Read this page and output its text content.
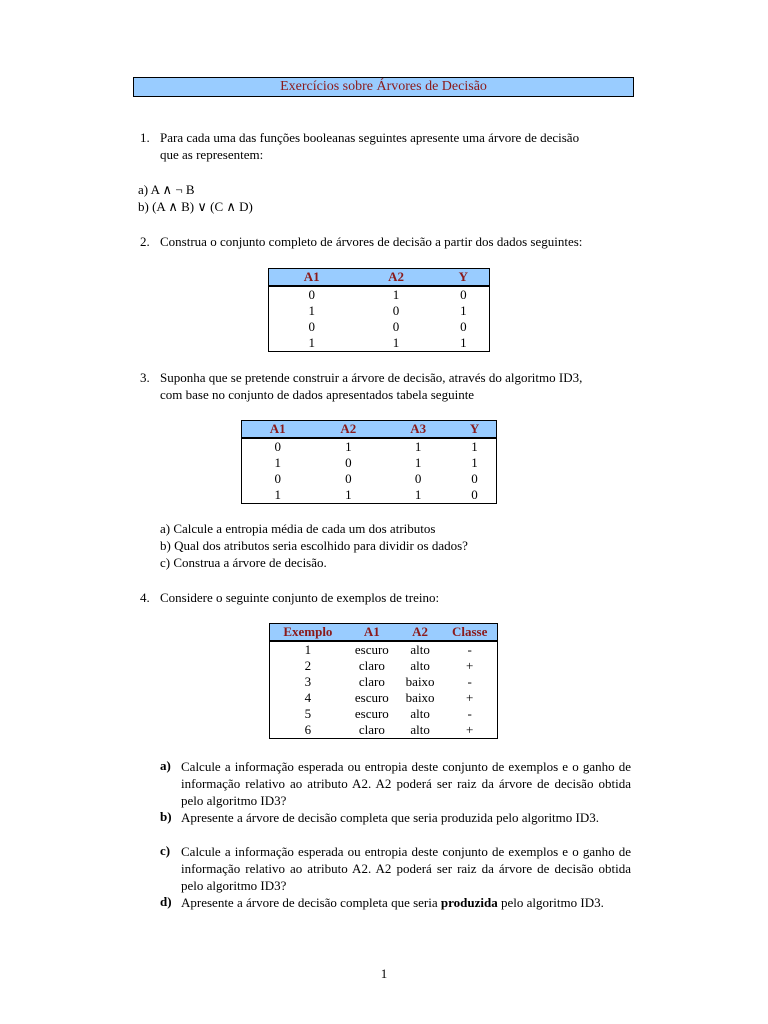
Exercícios sobre Árvores de Decisão
1. Para cada uma das funções booleanas seguintes apresente uma árvore de decisão
que as representem:
a) A ∧ ¬ B
b) (A ∧ B) ∨ (C ∧ D)
2. Construa o conjunto completo de árvores de decisão a partir dos dados seguintes:
A1	A2	Y
0	1	0
1	0	1
0	0	0
1	1	1
3. Suponha que se pretende construir a árvore de decisão, através do algoritmo ID3,
com base no conjunto de dados apresentados tabela seguinte
A1	A2	A3	Y
0	1	1	1
1	0	1	1
0	0	0	0
1	1	1	0
a) Calcule a entropia média de cada um dos atributos
b) Qual dos atributos seria escolhido para dividir os dados?
c) Construa a árvore de decisão.
4. Considere o seguinte conjunto de exemplos de treino:
Exemplo	A1	A2	Classe
1	escuro	alto	-
2	claro	alto	+
3	claro	baixo	-
4	escuro	baixo	+
5	escuro	alto	-
6	claro	alto	+
a) Calcule a informação esperada ou entropia deste conjunto de exemplos e o ganho de informação relativo ao atributo A2. A2 poderá ser raiz da árvore de decisão obtida pelo algoritmo ID3?
b) Apresente a árvore de decisão completa que seria produzida pelo algoritmo ID3.
c) Calcule a informação esperada ou entropia deste conjunto de exemplos e o ganho de informação relativo ao atributo A2. A2 poderá ser raiz da árvore de decisão obtida pelo algoritmo ID3?
d) Apresente a árvore de decisão completa que seria produzida pelo algoritmo ID3.
1
